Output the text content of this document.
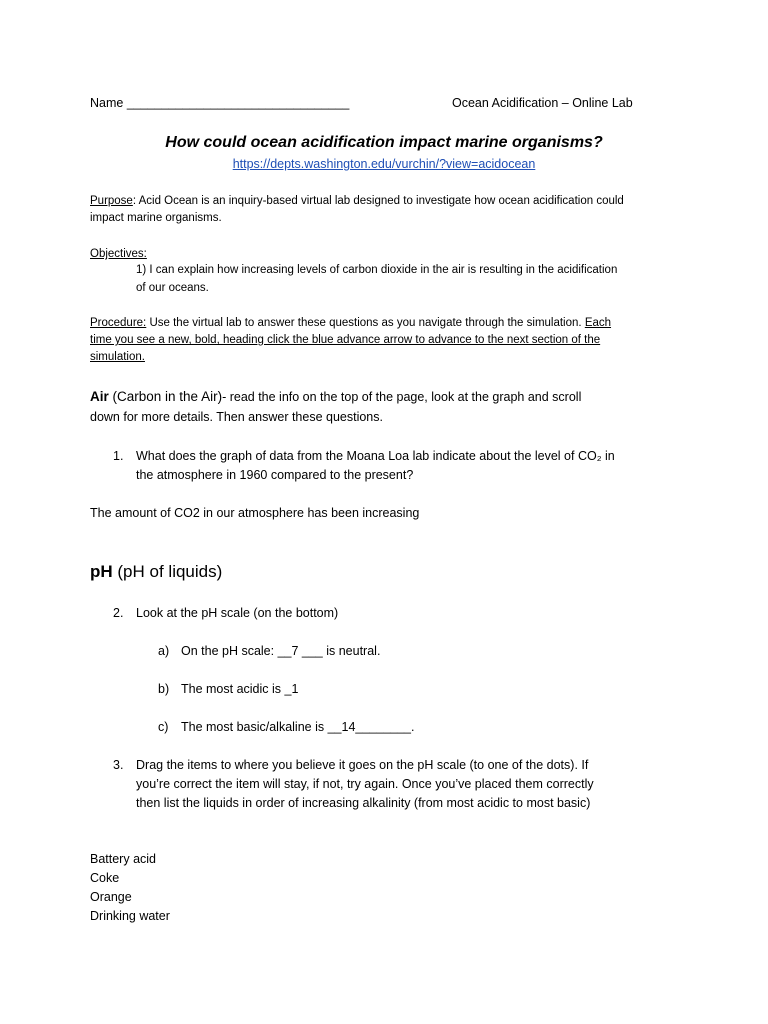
Name ________________________________	Ocean Acidification – Online Lab
How could ocean acidification impact marine organisms?
https://depts.washington.edu/vurchin/?view=acidocean
Purpose: Acid Ocean is an inquiry-based virtual lab designed to investigate how ocean acidification could
impact marine organisms.
Objectives:
1) I can explain how increasing levels of carbon dioxide in the air is resulting in the acidification
of our oceans.
Procedure: Use the virtual lab to answer these questions as you navigate through the simulation. Each
time you see a new, bold, heading click the blue advance arrow to advance to the next section of the
simulation.
Air (Carbon in the Air)- read the info on the top of the page, look at the graph and scroll
down for more details. Then answer these questions.
1. What does the graph of data from the Moana Loa lab indicate about the level of CO₂ in
the atmosphere in 1960 compared to the present?
The amount of CO2 in our atmosphere has been increasing
pH (pH of liquids)
2. Look at the pH scale (on the bottom)
a) On the pH scale: __7 ___ is neutral.
b) The most acidic is _1
c) The most basic/alkaline is __14________.
3. Drag the items to where you believe it goes on the pH scale (to one of the dots). If
you’re correct the item will stay, if not, try again. Once you’ve placed them correctly
then list the liquids in order of increasing alkalinity (from most acidic to most basic)
Battery acid
Coke
Orange
Drinking water
